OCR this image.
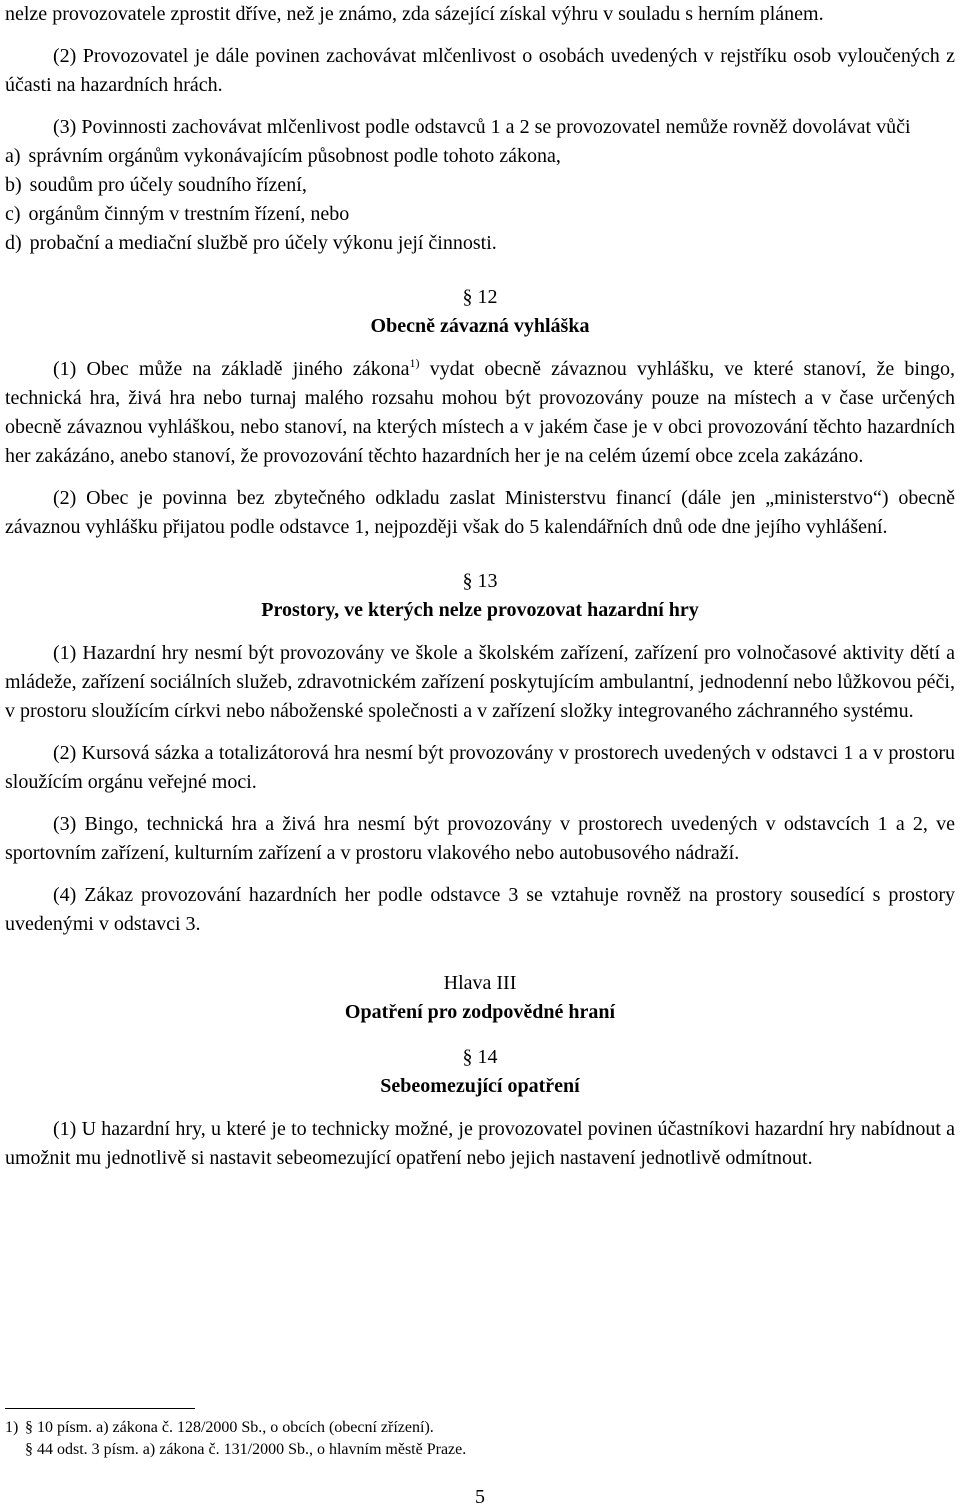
nelze provozovatele zprostit dříve, než je známo, zda sázející získal výhru v souladu s herním plánem.

(2) Provozovatel je dále povinen zachovávat mlčenlivost o osobách uvedených v rejstříku osob vyloučených z účasti na hazardních hrách.

(3) Povinnosti zachovávat mlčenlivost podle odstavců 1 a 2 se provozovatel nemůže rovněž dovolávat vůči

a) správním orgánům vykonávajícím působnost podle tohoto zákona,
b) soudům pro účely soudního řízení,
c) orgánům činným v trestním řízení, nebo
d) probační a mediační službě pro účely výkonu její činnosti.
§ 12
Obecně závazná vyhláška

(1) Obec může na základě jiného zákona$^{1)}$ vydat obecně závaznou vyhlášku, ve které stanoví, že bingo, technická hra, živá hra nebo turnaj malého rozsahu mohou být provozovány pouze na místech a v čase určených obecně závaznou vyhláškou, nebo stanoví, na kterých místech a v jakém čase je v obci provozování těchto hazardních her zakázáno, anebo stanoví, že provozování těchto hazardních her je na celém území obce zcela zakázáno.

(2) Obec je povinna bez zbytečného odkladu zaslat Ministerstvu financí (dále jen „ministerstvo“) obecně závaznou vyhlášku přijatou podle odstavce 1, nejpozději však do 5 kalendářních dnů ode dne jejího vyhlášení.

§ 13
Prostory, ve kterých nelze provozovat hazardní hry

(1) Hazardní hry nesmí být provozovány ve škole a školském zařízení, zařízení pro volnočasové aktivity dětí a mládeže, zařízení sociálních služeb, zdravotnickém zařízení poskytujícím ambulantní, jednodenní nebo lůžkovou péči, v prostoru sloužícím církvi nebo náboženské společnosti a v zařízení složky integrovaného záchranného systému.

(2) Kursová sázka a totalizátorová hra nesmí být provozovány v prostorech uvedených v odstavci 1 a v prostoru sloužícím orgánu veřejné moci.

(3) Bingo, technická hra a živá hra nesmí být provozovány v prostorech uvedených v odstavcích 1 a 2, ve sportovním zařízení, kulturním zařízení a v prostoru vlakového nebo autobusového nádraží.

(4) Zákaz provozování hazardních her podle odstavce 3 se vztahuje rovněž na prostory sousedící s prostory uvedenými v odstavci 3.

Hlava III
Opatření pro zodpovědné hraní
§ 14
Sebeomezující opatření

(1) U hazardní hry, u které je to technicky možné, je provozovatel povinen účastníkovi hazardní hry nabídnout a umožnit mu jednotlivě si nastavit sebeomezující opatření nebo jejich nastavení jednotlivě odmítnout.

1) § 10 písm. a) zákona č. 128/2000 Sb., o obcích (obecní zřízení).

§ 44 odst. 3 písm. a) zákona č. 131/2000 Sb., o hlavním městě Praze.

5
